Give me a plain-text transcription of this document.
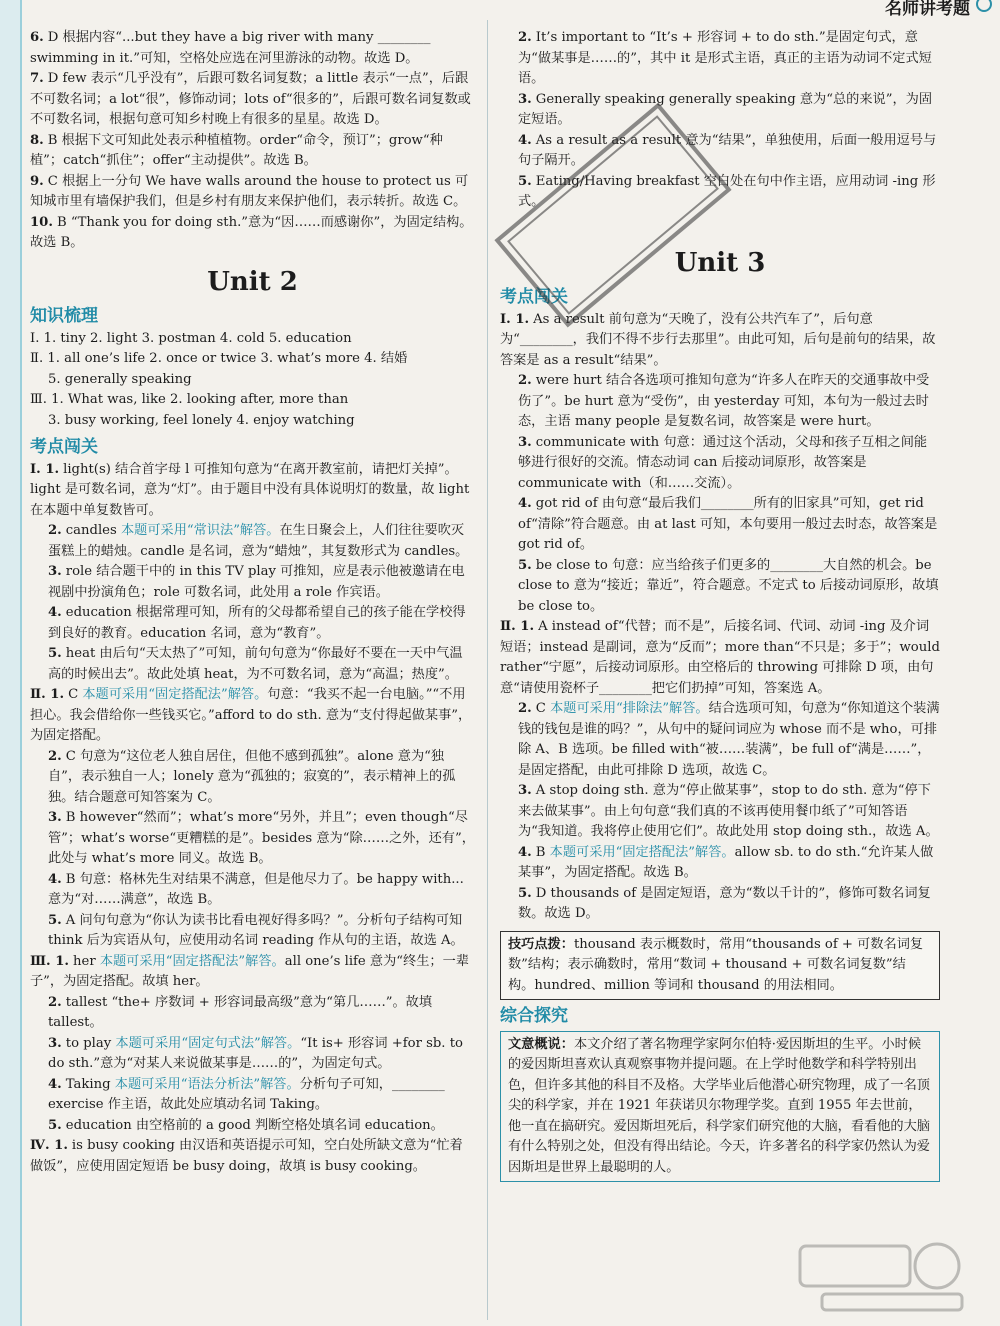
名师讲考题

6. D 根据内容“...but they have a big river with many ________ swimming in it.”可知，空格处应选在河里游泳的动物。故选 D。

7. D few 表示“几乎没有”，后跟可数名词复数；a little 表示“一点”，后跟不可数名词；a lot“很”，修饰动词；lots of“很多的”，后跟可数名词复数或不可数名词，根据句意可知乡村晚上有很多的星星。故选 D。

8. B 根据下文可知此处表示种植植物。order“命令，预订”；grow“种植”；catch“抓住”；offer“主动提供”。故选 B。

9. C 根据上一分句 We have walls around the house to protect us 可知城市里有墙保护我们，但是乡村有朋友来保护他们，表示转折。故选 C。

10. B “Thank you for doing sth.”意为“因……而感谢你”，为固定结构。故选 B。

Unit 2
知识梳理

Ⅰ. 1. tiny 2. light 3. postman 4. cold 5. education

Ⅱ. 1. all one’s life 2. once or twice 3. what’s more 4. 结婚

5. generally speaking

Ⅲ. 1. What was, like 2. looking after, more than

3. busy working, feel lonely 4. enjoy watching

考点闯关

Ⅰ. 1. light(s) 结合首字母 l 可推知句意为“在离开教室前，请把灯关掉”。light 是可数名词，意为“灯”。由于题目中没有具体说明灯的数量，故 light 在本题中单复数皆可。

2. candles 本题可采用“常识法”解答。在生日聚会上，人们往往要吹灭蛋糕上的蜡烛。candle 是名词，意为“蜡烛”，其复数形式为 candles。

3. role 结合题干中的 in this TV play 可推知，应是表示他被邀请在电视剧中扮演角色；role 可数名词，此处用 a role 作宾语。

4. education 根据常理可知，所有的父母都希望自己的孩子能在学校得到良好的教育。education 名词，意为“教育”。

5. heat 由后句“天太热了”可知，前句句意为“你最好不要在一天中气温高的时候出去”。故此处填 heat，为不可数名词，意为“高温；热度”。

Ⅱ. 1. C 本题可采用“固定搭配法”解答。句意：“我买不起一台电脑。”“不用担心。我会借给你一些钱买它。”afford to do sth. 意为“支付得起做某事”，为固定搭配。

2. C 句意为“这位老人独自居住，但他不感到孤独”。alone 意为“独自”，表示独自一人；lonely 意为“孤独的；寂寞的”，表示精神上的孤独。结合题意可知答案为 C。

3. B however“然而”；what’s more“另外，并且”；even though“尽管”；what’s worse“更糟糕的是”。besides 意为“除……之外，还有”，此处与 what’s more 同义。故选 B。

4. B 句意：格林先生对结果不满意，但是他尽力了。be happy with... 意为“对……满意”，故选 B。

5. A 问句句意为“你认为读书比看电视好得多吗？”。分析句子结构可知 think 后为宾语从句，应使用动名词 reading 作从句的主语，故选 A。

Ⅲ. 1. her 本题可采用“固定搭配法”解答。all one’s life 意为“终生；一辈子”，为固定搭配。故填 her。

2. tallest “the+ 序数词 + 形容词最高级”意为“第几……”。故填 tallest。

3. to play 本题可采用“固定句式法”解答。“It is+ 形容词 +for sb. to do sth.”意为“对某人来说做某事是……的”，为固定句式。

4. Taking 本题可采用“语法分析法”解答。分析句子可知，________ exercise 作主语，故此处应填动名词 Taking。

5. education 由空格前的 a good 判断空格处填名词 education。

Ⅳ. 1. is busy cooking 由汉语和英语提示可知，空白处所缺文意为“忙着做饭”，应使用固定短语 be busy doing，故填 is busy cooking。

2. It’s important to “It’s + 形容词 + to do sth.”是固定句式，意为“做某事是……的”，其中 it 是形式主语，真正的主语为动词不定式短语。

3. Generally speaking generally speaking 意为“总的来说”，为固定短语。

4. As a result as a result 意为“结果”，单独使用，后面一般用逗号与句子隔开。

5. Eating/Having breakfast 空白处在句中作主语，应用动词 -ing 形式。

Unit 3
考点闯关

Ⅰ. 1. As a result 前句意为“天晚了，没有公共汽车了”，后句意为“________，我们不得不步行去那里”。由此可知，后句是前句的结果，故答案是 as a result“结果”。

2. were hurt 结合各选项可推知句意为“许多人在昨天的交通事故中受伤了”。be hurt 意为“受伤”，由 yesterday 可知，本句为一般过去时态，主语 many people 是复数名词，故答案是 were hurt。

3. communicate with 句意：通过这个活动，父母和孩子互相之间能够进行很好的交流。情态动词 can 后接动词原形，故答案是 communicate with（和……交流）。

4. got rid of 由句意“最后我们________所有的旧家具”可知，get rid of“清除”符合题意。由 at last 可知，本句要用一般过去时态，故答案是 got rid of。

5. be close to 句意：应当给孩子们更多的________大自然的机会。be close to 意为“接近；靠近”，符合题意。不定式 to 后接动词原形，故填 be close to。

Ⅱ. 1. A instead of“代替；而不是”，后接名词、代词、动词 -ing 及介词短语；instead 是副词，意为“反而”；more than“不只是；多于”；would rather“宁愿”，后接动词原形。由空格后的 throwing 可排除 D 项，由句意“请使用瓷杯子________把它们扔掉”可知，答案选 A。

2. C 本题可采用“排除法”解答。结合选项可知，句意为“你知道这个装满钱的钱包是谁的吗？”，从句中的疑问词应为 whose 而不是 who，可排除 A、B 选项。be filled with“被……装满”，be full of“满是……”，是固定搭配，由此可排除 D 选项，故选 C。

3. A stop doing sth. 意为“停止做某事”，stop to do sth. 意为“停下来去做某事”。由上句句意“我们真的不该再使用餐巾纸了”可知答语为“我知道。我将停止使用它们”。故此处用 stop doing sth.，故选 A。

4. B 本题可采用“固定搭配法”解答。allow sb. to do sth.“允许某人做某事”，为固定搭配。故选 B。

5. D thousands of 是固定短语，意为“数以千计的”，修饰可数名词复数。故选 D。

技巧点拨：thousand 表示概数时，常用“thousands of + 可数名词复数”结构；表示确数时，常用“数词 + thousand + 可数名词复数”结构。hundred、million 等词和 thousand 的用法相同。
综合探究
文意概说：本文介绍了著名物理学家阿尔伯特·爱因斯坦的生平。小时候的爱因斯坦喜欢认真观察事物并提问题。在上学时他数学和科学特别出色，但许多其他的科目不及格。大学毕业后他潜心研究物理，成了一名顶尖的科学家，并在 1921 年获诺贝尔物理学奖。直到 1955 年去世前，他一直在搞研究。爱因斯坦死后，科学家们研究他的大脑，看看他的大脑有什么特别之处，但没有得出结论。今天，许多著名的科学家仍然认为爱因斯坦是世界上最聪明的人。
